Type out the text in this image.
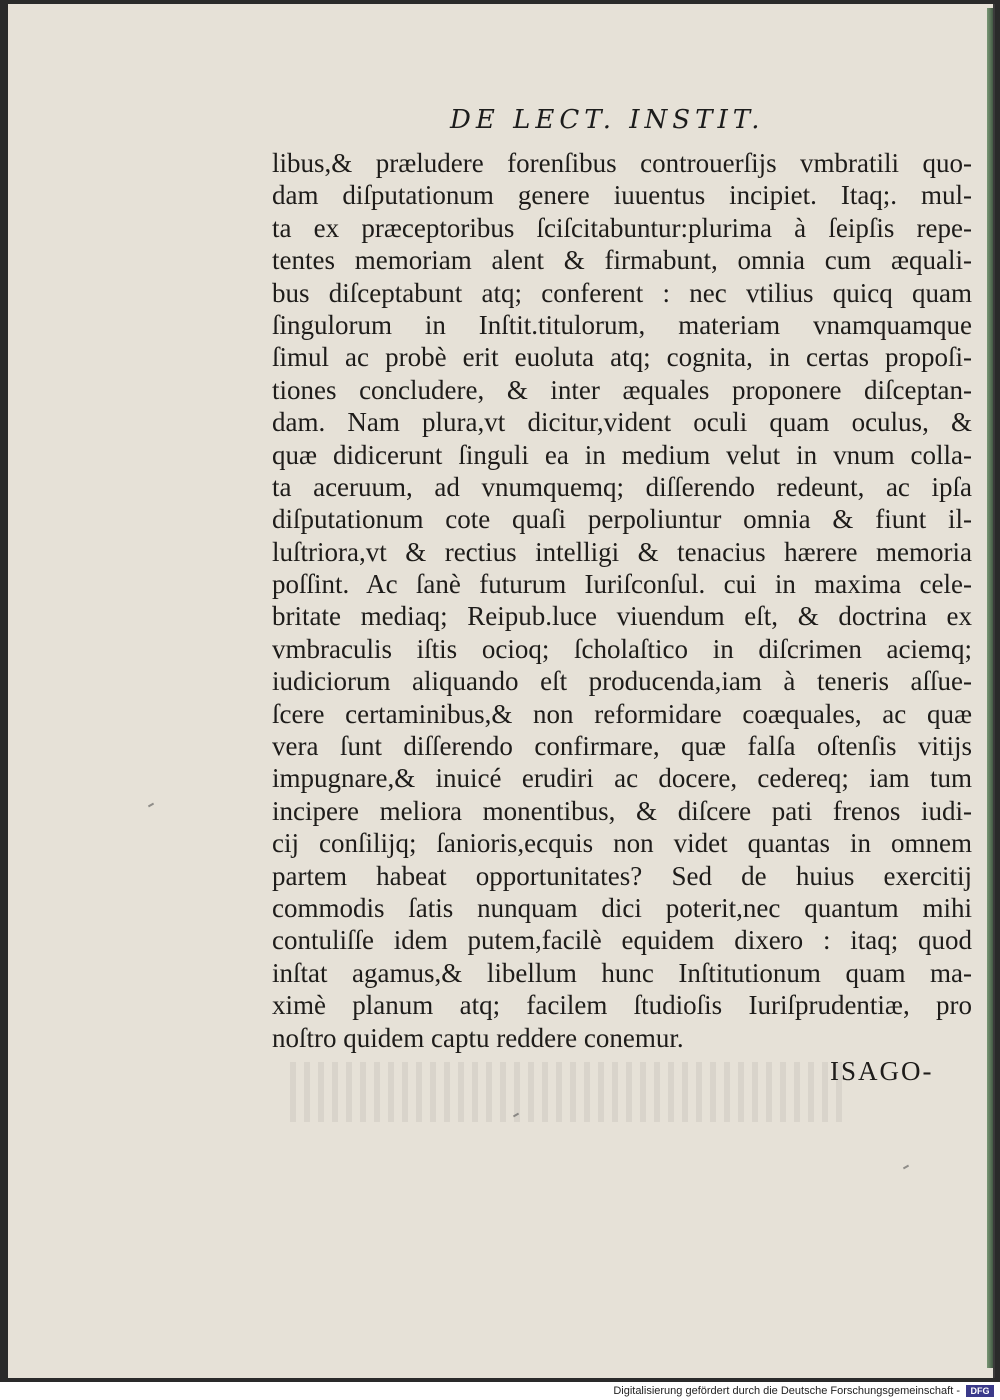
DE LECT. INSTIT.
libus,& prӕludere forenſibus controuerſijs vmbratili quo-
dam diſputationum genere iuuentus incipiet. Itaq;. mul-
ta ex prӕceptoribus ſciſcitabuntur:plurima à ſeipſis repe-
tentes memoriam alent & firmabunt, omnia cum ӕquali-
bus diſceptabunt atq; conferent : nec vtilius quicq quam
ſingulorum in Inſtit.titulorum, materiam vnamquamque
ſimul ac probè erit euoluta atq; cognita, in certas propoſi-
tiones concludere, & inter ӕquales proponere diſceptan-
dam. Nam plura,vt dicitur,vident oculi quam oculus, &
quӕ didicerunt ſinguli ea in medium velut in vnum colla-
ta aceruum, ad vnumquemq; diſſerendo redeunt, ac ipſa
diſputationum cote quaſi perpoliuntur omnia & fiunt il-
luſtriora,vt & rectius intelligi & tenacius hӕrere memoria
poſſint. Ac ſanè futurum Iuriſconſul. cui in maxima cele-
britate mediaq; Reipub.luce viuendum eſt, & doctrina ex
vmbraculis iſtis ocioq; ſcholaſtico in diſcrimen aciemq;
iudiciorum aliquando eſt producenda,iam à teneris aſſue-
ſcere certaminibus,& non reformidare coӕquales, ac quӕ
vera ſunt diſſerendo confirmare, quӕ falſa oſtenſis vitijs
impugnare,& inuicé erudiri ac docere, cedereq; iam tum
incipere meliora monentibus, & diſcere pati frenos iudi-
cij conſilijq; ſanioris,ecquis non videt quantas in omnem
partem habeat opportunitates? Sed de huius exercitij
commodis ſatis nunquam dici poterit,nec quantum mihi
contuliſſe idem putem,facilè equidem dixero : itaq; quod
inſtat agamus,& libellum hunc Inſtitutionum quam ma-
ximè planum atq; facilem ſtudioſis Iuriſprudentiӕ, pro
noſtro quidem captu reddere conemur.
ISAGO-
Digitalisierung gefördert durch die Deutsche Forschungsgemeinschaft -	DFG
